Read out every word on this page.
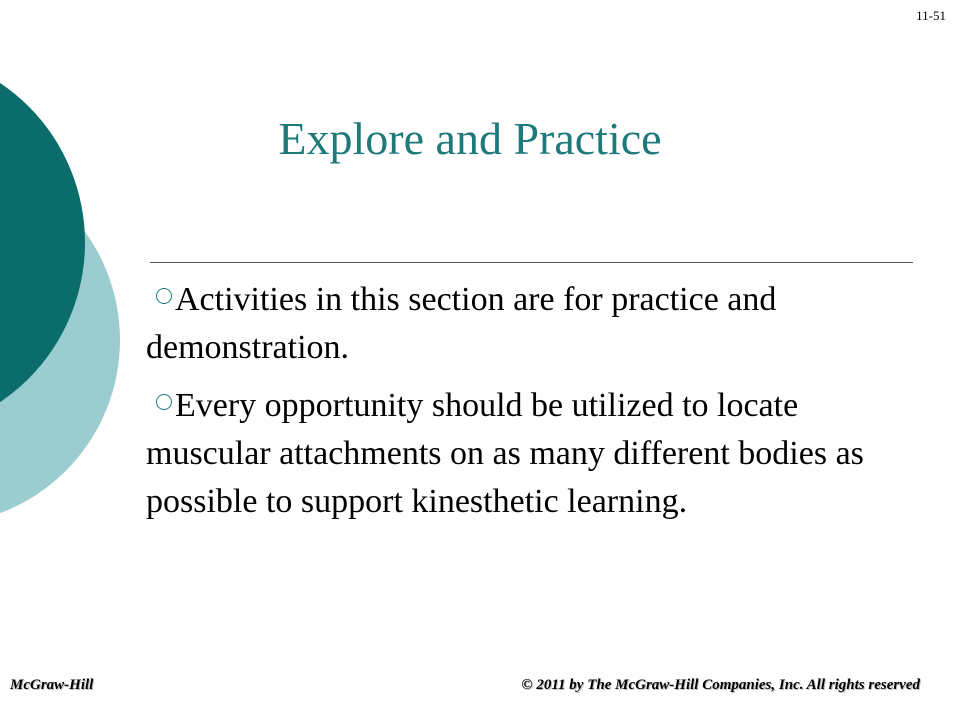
11-51
Explore and Practice
Activities in this section are for practice and demonstration.
Every opportunity should be utilized to locate muscular attachments on as many different bodies as possible to support kinesthetic learning.
McGraw-Hill	© 2011 by The McGraw-Hill Companies, Inc. All rights reserved
